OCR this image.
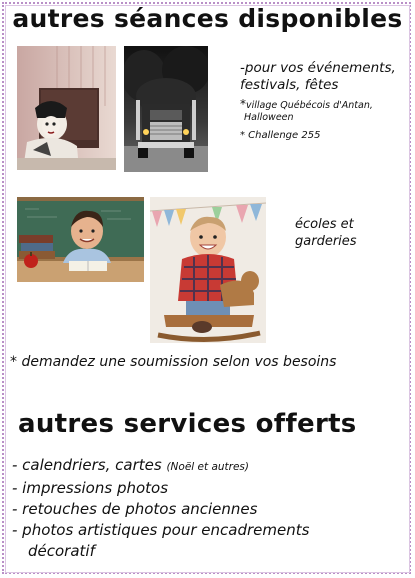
autres séances disponibles
-pour vos événements,
festivals, fêtes
*village Québécois d'Antan,
Halloween
* Challenge 255
écoles et
garderies
* demandez une soumission selon vos besoins
autres services offerts
- calendriers, cartes (Noël et autres)
- impressions photos
- retouches de photos anciennes
- photos artistiques pour encadrements
décoratif
